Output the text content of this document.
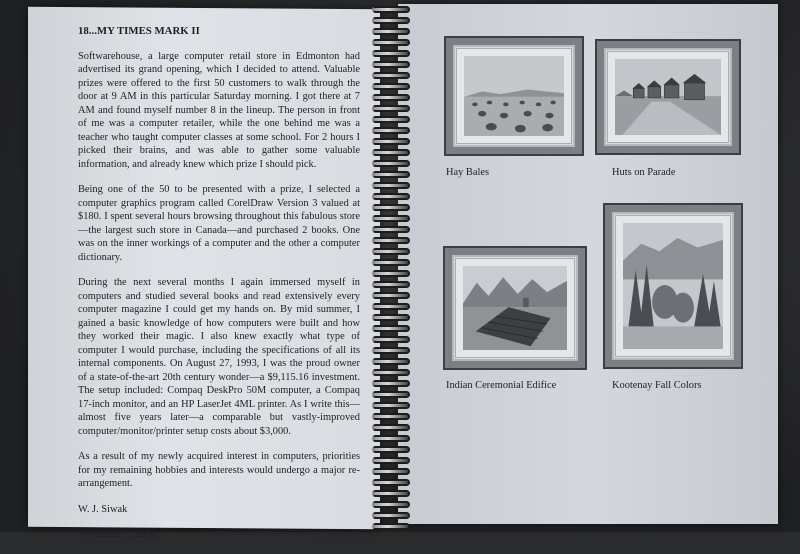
18...MY TIMES MARK II

Softwarehouse, a large computer retail store in Edmonton had advertised its grand opening, which I decided to attend. Valuable prizes were offered to the first 50 customers to walk through the door at 9 AM in this particular Saturday morning. I got there at 7 AM and found myself number 8 in the lineup. The person in front of me was a computer retailer, while the one behind me was a teacher who taught computer classes at some school. For 2 hours I picked their brains, and was able to gather some valuable information, and already knew which prize I should pick.

Being one of the 50 to be presented with a prize, I selected a computer graphics program called CorelDraw Version 3 valued at $180. I spent several hours browsing throughout this fabulous store—the largest such store in Canada—and purchased 2 books. One was on the inner workings of a computer and the other a computer dictionary.

During the next several months I again immersed myself in computers and studied several books and read extensively every computer magazine I could get my hands on. By mid summer, I gained a basic knowledge of how computers were built and how they worked their magic. I also knew exactly what type of computer I would purchase, including the specifications of all its internal components. On August 27, 1993, I was the proud owner of a state-of-the-art 20th century wonder—a $9,115.16 investment. The setup included: Compaq DeskPro 50M computer, a Compaq 17-inch monitor, and an HP LaserJet 4ML printer. As I write this—almost five years later—a comparable but vastly-improved computer/monitor/printer setup costs about $3,000.

As a result of my newly acquired interest in computers, priorities for my remaining hobbies and interests would undergo a major re-arrangement.

W. J. Siwak

November 5, 1998.

Hay Bales	Huts on Parade
Indian Ceremonial Edifice	Kootenay Fall Colors
